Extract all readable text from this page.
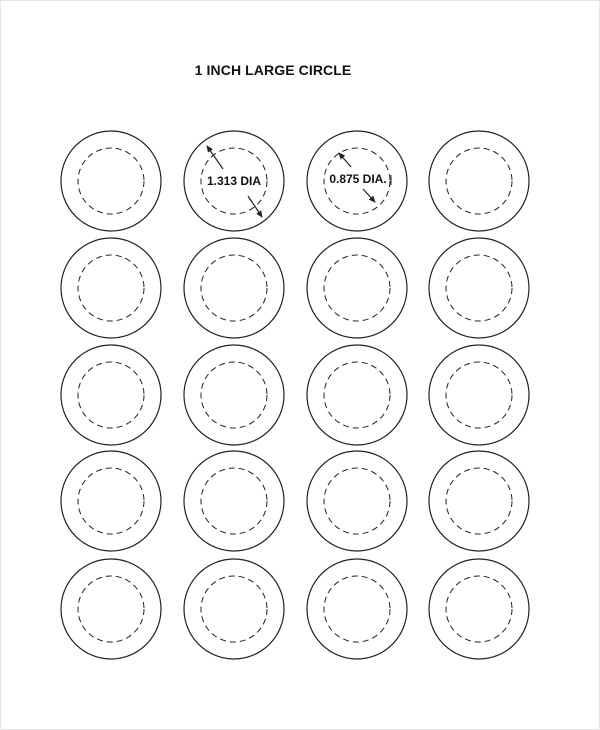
1 INCH LARGE CIRCLE
1.313 DIA	0.875 DIA.
